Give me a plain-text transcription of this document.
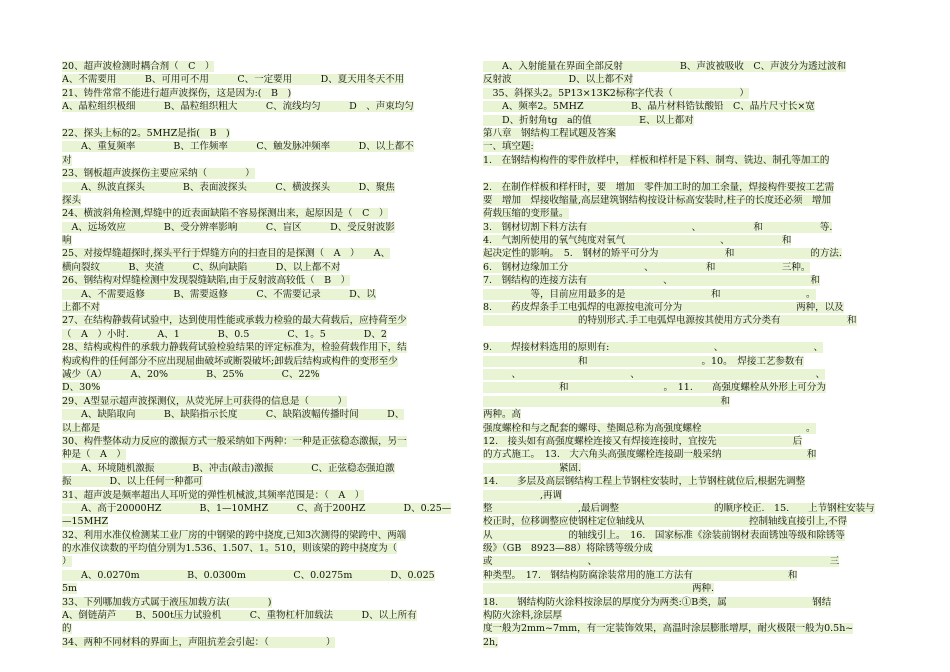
20、超声波检测时耦合剂（　C　）
A、不需要用　　　B、可用可不用　　　C、一定要用　　　D、夏天用冬天不用
21、铸件常常不能进行超声波探伤，这是因为:(　B　)
A、晶粒组织极细　　　B、晶粒组织粗大　　　C、流线均匀　　　D　、声束均匀
22、探头上标的2。5MHZ是指(　B　)
　　A、重复频率　　　　B、工作频率　　　C、触发脉冲频率　　　D、以上都不
对
23、钢板超声波探伤主要应采纳（　　　　）
　　A、纵波直探头　　　　B、表面波探头　　　C、横波探头　　　D、聚焦
探头
24、横波斜角检测,焊缝中的近表面缺陷不容易探测出来，起原因是（　C　）
　A、远场效应　　　　B、受分辨率影响　　　C、盲区　　　D、受反射波影
响
25、对接焊缝超探时,探头平行于焊缝方向的扫查目的是探测（　A　）　　A、
横向裂纹　　　B、夹渣　　　C、纵向缺陷　　　D、以上都不对
26、钢结构对焊缝检测中发现裂缝缺陷,由于反射波高较低（　B　）
　　A、不需要返修　　　B、需要返修　　　C、不需要记录　　　D、以
上都不对
27、在结构静载荷试验中，达到使用性能或承载力检验的最大荷载后，应持荷至少
（　A　）小时.　　　A、1　　　　B、0.5　　　　C、1。5　　　　D、2
28、结构或构件的承载力静载荷试验检验结果的评定标准为，检验荷载作用下，结
构或构件的任何部分不应出现屈曲破坏或断裂破坏;卸载后结构或构件的变形至少
减少（A）　　　A、20%　　　　B、25%　　　　C、22%
D、30%
29、A型显示超声波探测仪，从荧光屏上可获得的信息是（　　　）
　　A、缺陷取向　　　B、缺陷指示长度　　　C、缺陷波幅传播时间　　　D、
以上都是
30、构件整体动力反应的激振方式一般采纳如下两种：一种是正弦稳态激振，另一
种是（　A　）
　　A、环境随机激振　　　　B、冲击(敲击)激振　　　　C、正弦稳态强迫激
振　　　　D、以上任何一种都可
31、超声波是频率超出人耳听觉的弹性机械波,其频率范围是：（　A　）
　　A、高于20000HZ　　　　B、1—10MHZ　　　C、高于200HZ　　　　D、0.25—
—15MHZ
32、利用水准仪检测某工业厂房的中钢梁的跨中挠度,已知3次测得的梁跨中、两端
的水准仪读数的平均值分别为1.536、1.507、1。510，则该梁的跨中挠度为（
）
　　A、0.0270m　　　　　B、0.0300m　　　　　C、0.0275m　　　　D、0.025
5m
33、下列哪加载方式属于液压加载方法(　　　　)
A、倒链葫芦　　B、500t压力试验机　　　C、重物杠杆加载法　　　D、以上所有
的
34、两种不同材料的界面上，声阻抗差会引起：（　　　　　　）
　　A、入射能量在界面全部反射　　　　　　B、声波被吸收　C、声波分为透过波和
反射波　　　　　　D、以上都不对
　35、斜探头2。5P13×13K2标称字代表（　　　　　　　）
　　A、频率2。5MHZ　　　　　B、晶片材料锆钛酸铅　C、晶片尺寸长×宽
　　D、折射角tg　a的值　　　　　E、以上都对
第八章　钢结构工程试题及答案
一、填空题:
1.　在钢结构构件的零件放样中，　样板和样杆是下料、制弯、铣边、制孔等加工的
2.　在制作样板和样杆时，要　增加　零件加工时的加工余量，焊接构件要按工艺需
要　增加　焊接收缩量,高层建筑钢结构按设计标高安装时,柱子的长度还必须　增加
荷载压缩的变形量。
3.　钢材切割下料方法有　　　　　　　　　　　、　　　　　　和　　　　　　等.
4.　气割所使用的氧气纯度对氧气　　　　　　　　　　、　　　　　　和
起决定性的影响。　5.　钢材的矫平可分为　　　　　　　和　　　　　　　　的方法.
6.　钢材边缘加工分　　　　　　　　、　　　　　　和　　　　　　　三种。
7.　钢结构的连接方法有　　　　　　　　、　　　　　　　　　　　　　　　和
　　　　　等，目前应用最多的是　　　　　　　　　和　　　　　　　　　。
8.　　药皮焊条手工电弧焊的电源按电流可分为　　　　　　　　　　　　两种，以及
　　　　　　　　　　的特别形式.手工电弧焊电源按其使用方式分类有　　　　　　　和
9.　　焊接材料选用的原则有:　　　　　　　　　　　、　　　　　　　　　　、
　　　　　　　　　　和　　　　　　　　　　　　。10。　焊接工艺参数有
　　　、　　　　　　　　　　　　、　　　　　　　　　　　　　　　　　　　、
　　　　　　　　和　　　　　　　　　　。　11.　　高强度螺栓从外形上可分为
　　　　　　　　　　　　　　　　　　　　　　　　　和
两种。高
强度螺栓和与之配套的螺母、垫圈总称为高强度螺栓　　　　　　　　　　　。
12.　接头如有高强度螺栓连接又有焊接连接时，宜按先　　　　　　　　后
的方式施工。　13.　大六角头高强度螺栓连接副一般采纳　　　　　　　　　和
　　　　　　　　紧固.
14.　　多层及高层钢结构工程上节钢柱安装时，上节钢柱就位后,根据先调整
　　　　　　,再调
整　　　　　　　　　,最后调整　　　　　　　　　　的顺序校正.　15.　　上节钢柱安装与
校正时，位移调整应使钢柱定位轴线从　　　　　　　　　　　控制轴线直接引上,不得
从　　　　　　　　的轴线引上。　16.　国家标准《涂装前钢材表面锈蚀等级和除锈等
级》（GB　8923—88）将除锈等级分成
或　　　　　　　　　　、　　　　　　　　　　　　　　　　　　　　　　　　　三
种类型。　17.　钢结构防腐涂装常用的施工方法有　　　　　　　　　　和
　　　　　　　　　　　　　　　　　　　　　　两种.
18.　　钢结构防火涂料按涂层的厚度分为两类:①B类，属　　　　　　　　　钢结
构防火涂料,涂层厚
度一般为2mm~7mm，有一定装饰效果，高温时涂层膨胀增厚，耐火极限一般为0.5h~
2h,
